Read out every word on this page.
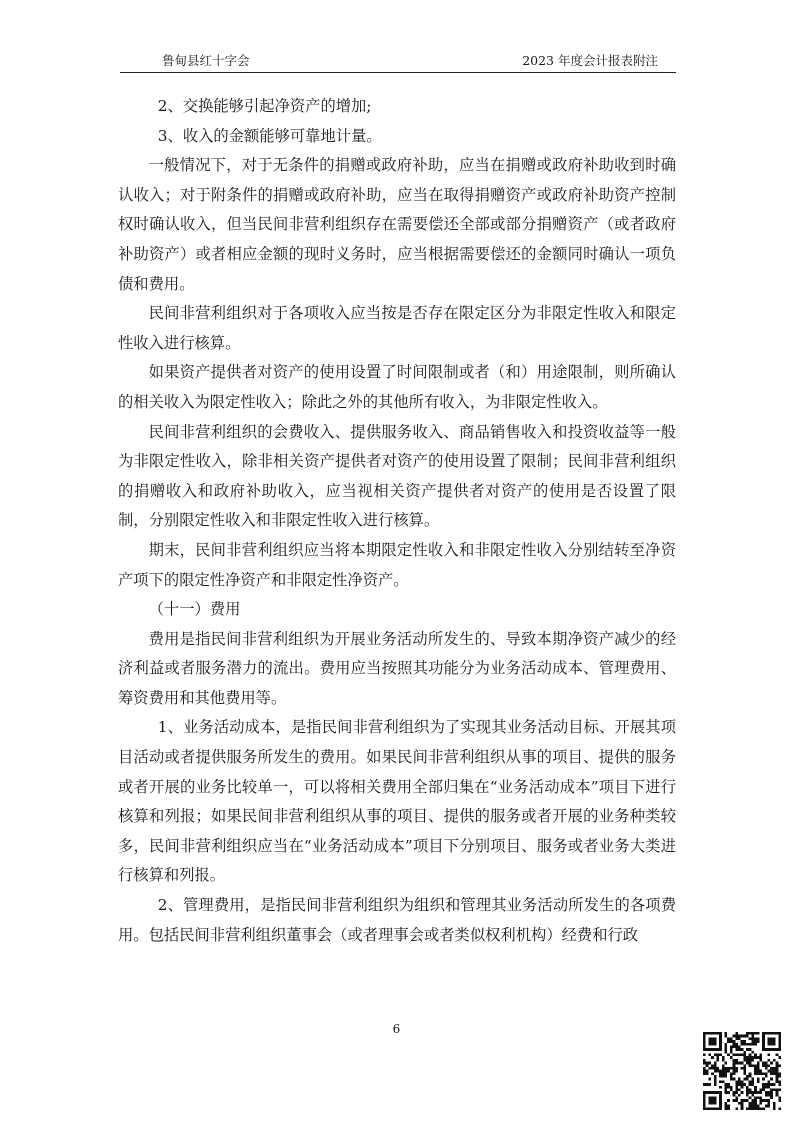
鲁甸县红十字会	2023 年度会计报表附注

2、交换能够引起净资产的增加;

3、收入的金额能够可靠地计量。

一般情况下，对于无条件的捐赠或政府补助，应当在捐赠或政府补助收到时确认收入；对于附条件的捐赠或政府补助，应当在取得捐赠资产或政府补助资产控制权时确认收入，但当民间非营利组织存在需要偿还全部或部分捐赠资产（或者政府补助资产）或者相应金额的现时义务时，应当根据需要偿还的金额同时确认一项负债和费用。

民间非营利组织对于各项收入应当按是否存在限定区分为非限定性收入和限定性收入进行核算。

如果资产提供者对资产的使用设置了时间限制或者（和）用途限制，则所确认的相关收入为限定性收入；除此之外的其他所有收入，为非限定性收入。

民间非营利组织的会费收入、提供服务收入、商品销售收入和投资收益等一般为非限定性收入，除非相关资产提供者对资产的使用设置了限制；民间非营利组织的捐赠收入和政府补助收入，应当视相关资产提供者对资产的使用是否设置了限制，分别限定性收入和非限定性收入进行核算。

期末，民间非营利组织应当将本期限定性收入和非限定性收入分别结转至净资产项下的限定性净资产和非限定性净资产。

（十一）费用

费用是指民间非营利组织为开展业务活动所发生的、导致本期净资产减少的经济利益或者服务潜力的流出。费用应当按照其功能分为业务活动成本、管理费用、筹资费用和其他费用等。

1、业务活动成本，是指民间非营利组织为了实现其业务活动目标、开展其项目活动或者提供服务所发生的费用。如果民间非营利组织从事的项目、提供的服务或者开展的业务比较单一，可以将相关费用全部归集在“业务活动成本”项目下进行核算和列报；如果民间非营利组织从事的项目、提供的服务或者开展的业务种类较多，民间非营利组织应当在“业务活动成本”项目下分别项目、服务或者业务大类进行核算和列报。

2、管理费用，是指民间非营利组织为组织和管理其业务活动所发生的各项费用。包括民间非营利组织董事会（或者理事会或者类似权利机构）经费和行政

6
